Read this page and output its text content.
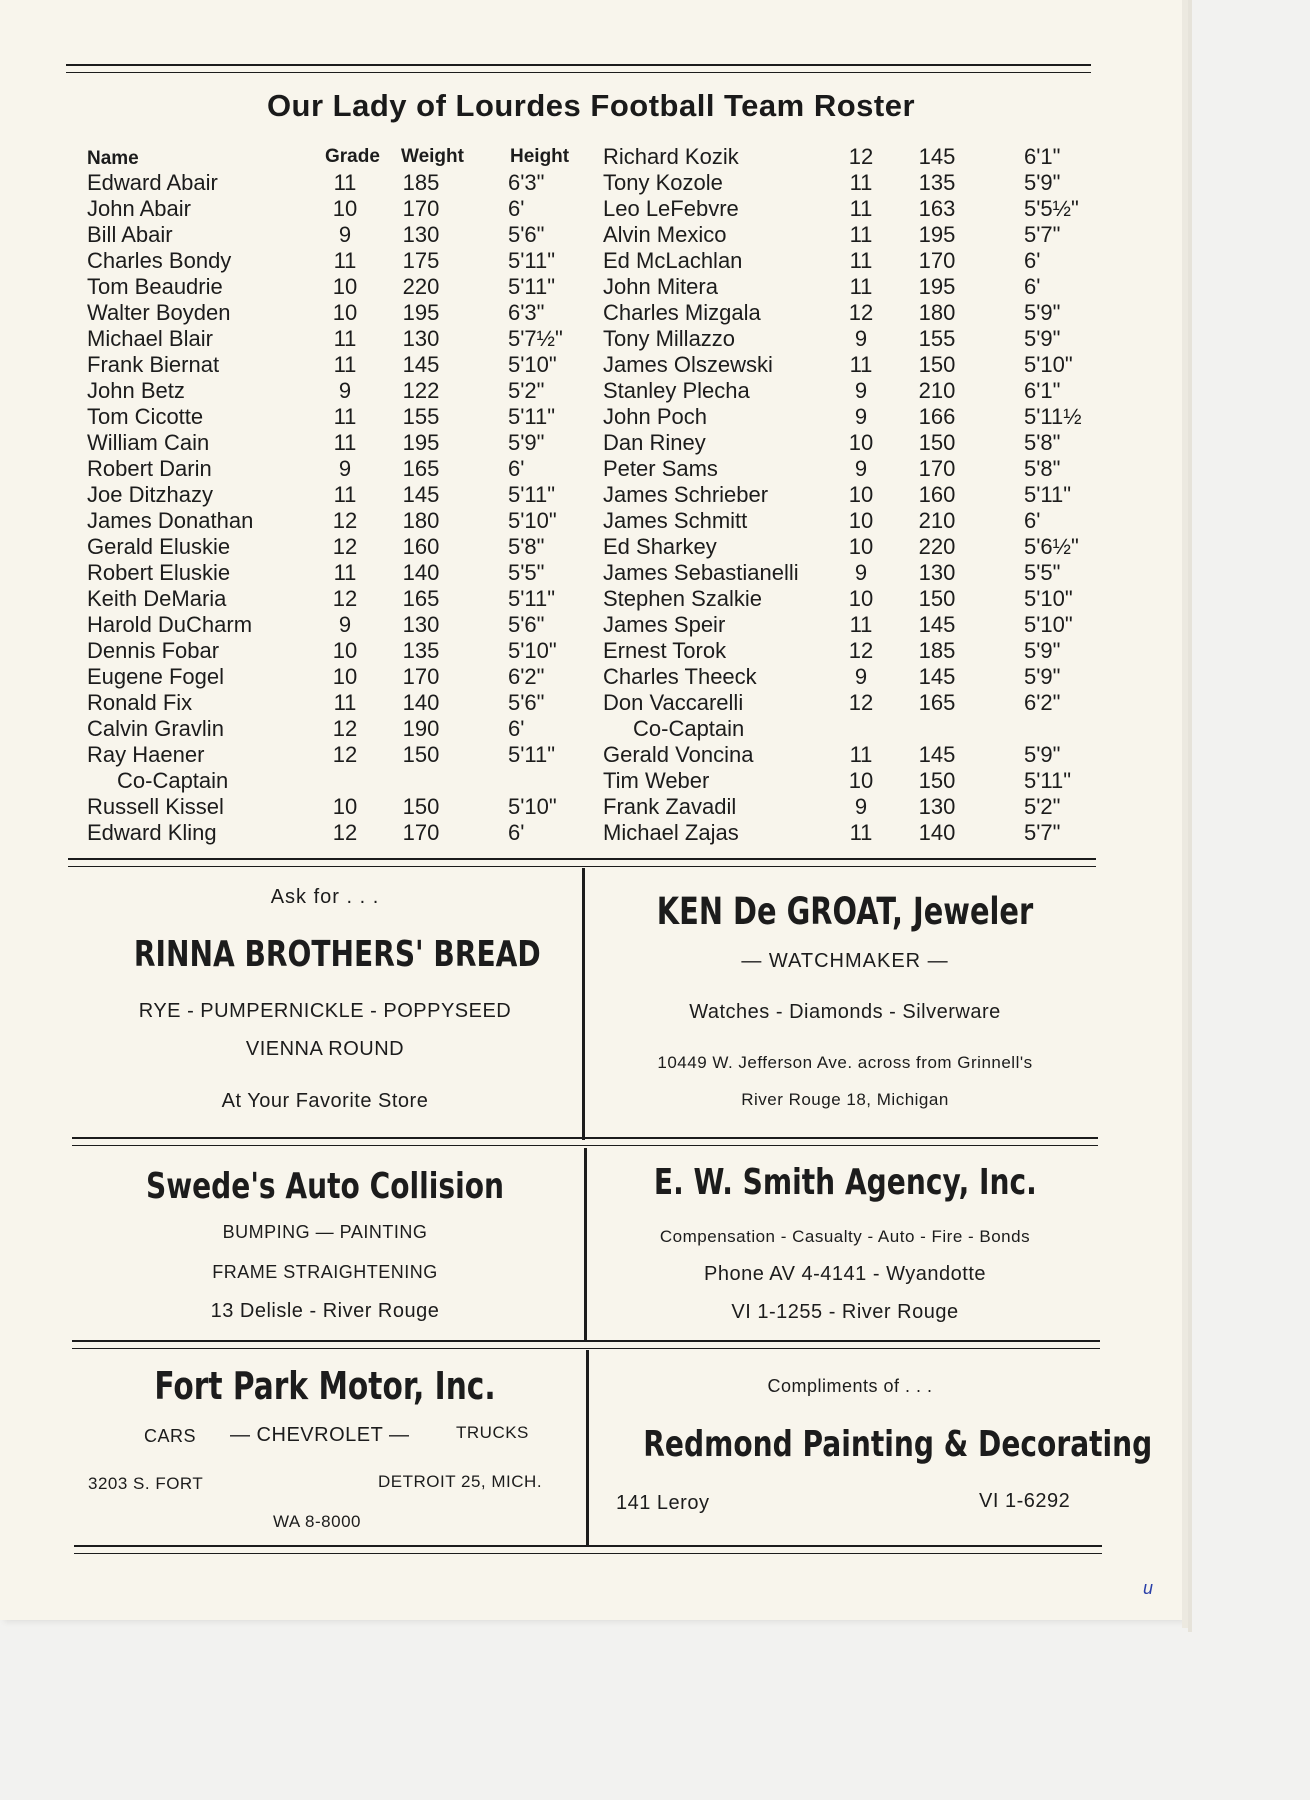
Our Lady of Lourdes Football Team Roster
Name	Grade Weight Height
Edward Abair	11	185	6'3"
John Abair	10	170	6'
Bill Abair	9	130	5'6"
Charles Bondy	11	175	5'11"
Tom Beaudrie	10	220	5'11"
Walter Boyden	10	195	6'3"
Michael Blair	11	130	5'7½"
Frank Biernat	11	145	5'10"
John Betz	9	122	5'2"
Tom Cicotte	11	155	5'11"
William Cain	11	195	5'9"
Robert Darin	9	165	6'
Joe Ditzhazy	11	145	5'11"
James Donathan	12	180	5'10"
Gerald Eluskie	12	160	5'8"
Robert Eluskie	11	140	5'5"
Keith DeMaria	12	165	5'11"
Harold DuCharm	9	130	5'6"
Dennis Fobar	10	135	5'10"
Eugene Fogel	10	170	6'2"
Ronald Fix	11	140	5'6"
Calvin Gravlin	12	190	6'
Ray Haener	12	150	5'11"
Co-Captain
Russell Kissel	10	150	5'10"
Edward Kling	12	170	6'
Richard Kozik	12	145	6'1"
Tony Kozole	11	135	5'9"
Leo LeFebvre	11	163	5'5½"
Alvin Mexico	11	195	5'7"
Ed McLachlan	11	170	6'
John Mitera	11	195	6'
Charles Mizgala	12	180	5'9"
Tony Millazzo	9	155	5'9"
James Olszewski	11	150	5'10"
Stanley Plecha	9	210	6'1"
John Poch	9	166	5'11½
Dan Riney	10	150	5'8"
Peter Sams	9	170	5'8"
James Schrieber	10	160	5'11"
James Schmitt	10	210	6'
Ed Sharkey	10	220	5'6½"
James Sebastianelli	9	130	5'5"
Stephen Szalkie	10	150	5'10"
James Speir	11	145	5'10"
Ernest Torok	12	185	5'9"
Charles Theeck	9	145	5'9"
Don Vaccarelli	12	165	6'2"
Co-Captain
Gerald Voncina	11	145	5'9"
Tim Weber	10	150	5'11"
Frank Zavadil	9	130	5'2"
Michael Zajas	11	140	5'7"
Ask for . . .
RINNA BROTHERS' BREAD
RYE - PUMPERNICKLE - POPPYSEED
VIENNA ROUND
At Your Favorite Store
KEN De GROAT, Jeweler
— WATCHMAKER —
Watches - Diamonds - Silverware
10449 W. Jefferson Ave. across from Grinnell's
River Rouge 18, Michigan
Swede's Auto Collision
BUMPING — PAINTING
FRAME STRAIGHTENING
13 Delisle - River Rouge
E. W. Smith Agency, Inc.
Compensation - Casualty - Auto - Fire - Bonds
Phone AV 4-4141 - Wyandotte
VI 1-1255 - River Rouge
Fort Park Motor, Inc.
CARS — CHEVROLET —	TRUCKS
3203 S. FORT	DETROIT 25, MICH.
WA 8-8000
Compliments of . . .
Redmond Painting & Decorating
141 Leroy	VI 1-6292
u
